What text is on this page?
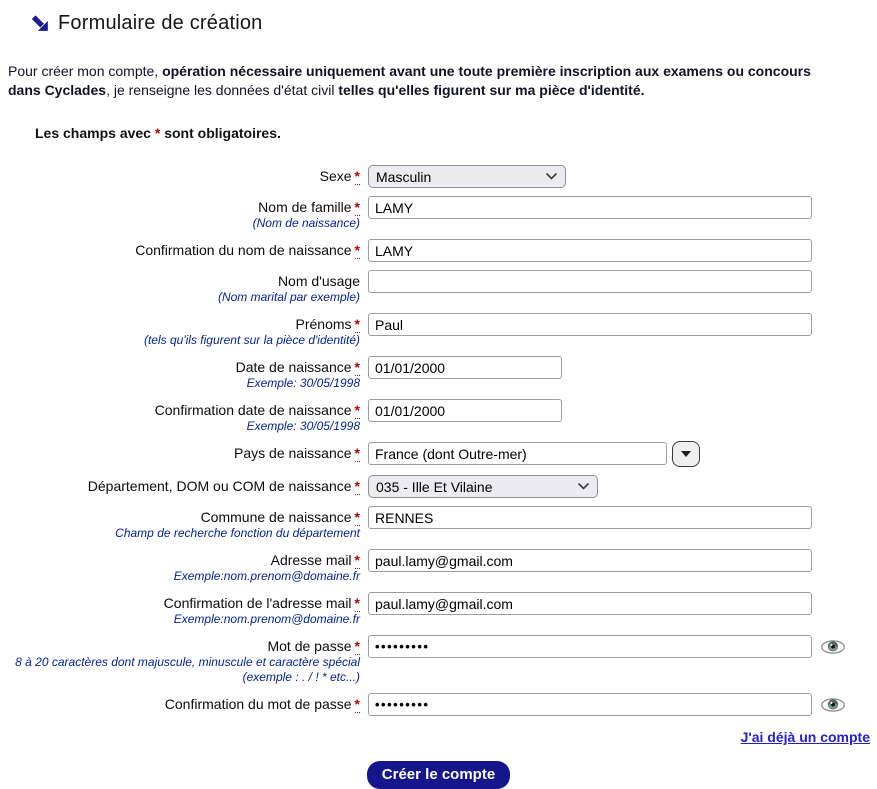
Formulaire de création

Pour créer mon compte, opération nécessaire uniquement avant une toute première inscription aux examens ou concours dans Cyclades, je renseigne les données d'état civil telles qu'elles figurent sur ma pièce d'identité.

Les champs avec * sont obligatoires.

Sexe * Masculin
Nom de famille *
(Nom de naissance)
LAMY
Confirmation du nom de naissance *
LAMY
Nom d'usage
(Nom marital par exemple)
Prénoms *
(tels qu'ils figurent sur la pièce d'identité)
Paul
Date de naissance *
Exemple: 30/05/1998
01/01/2000
Confirmation date de naissance *
Exemple: 30/05/1998
01/01/2000
Pays de naissance *
France (dont Outre-mer)
Département, DOM ou COM de naissance * 035 - Ille Et Vilaine
Commune de naissance *
Champ de recherche fonction du département
RENNES
Adresse mail *
Exemple:nom.prenom@domaine.fr
paul.lamy@gmail.com
Confirmation de l'adresse mail *
Exemple:nom.prenom@domaine.fr
paul.lamy@gmail.com
Mot de passe *
8 à 20 caractères dont majuscule, minuscule et caractère spécial
(exemple : . / ! * etc...)
•••••••••
Confirmation du mot de passe *
•••••••••
J'ai déjà un compte
Créer le compte
